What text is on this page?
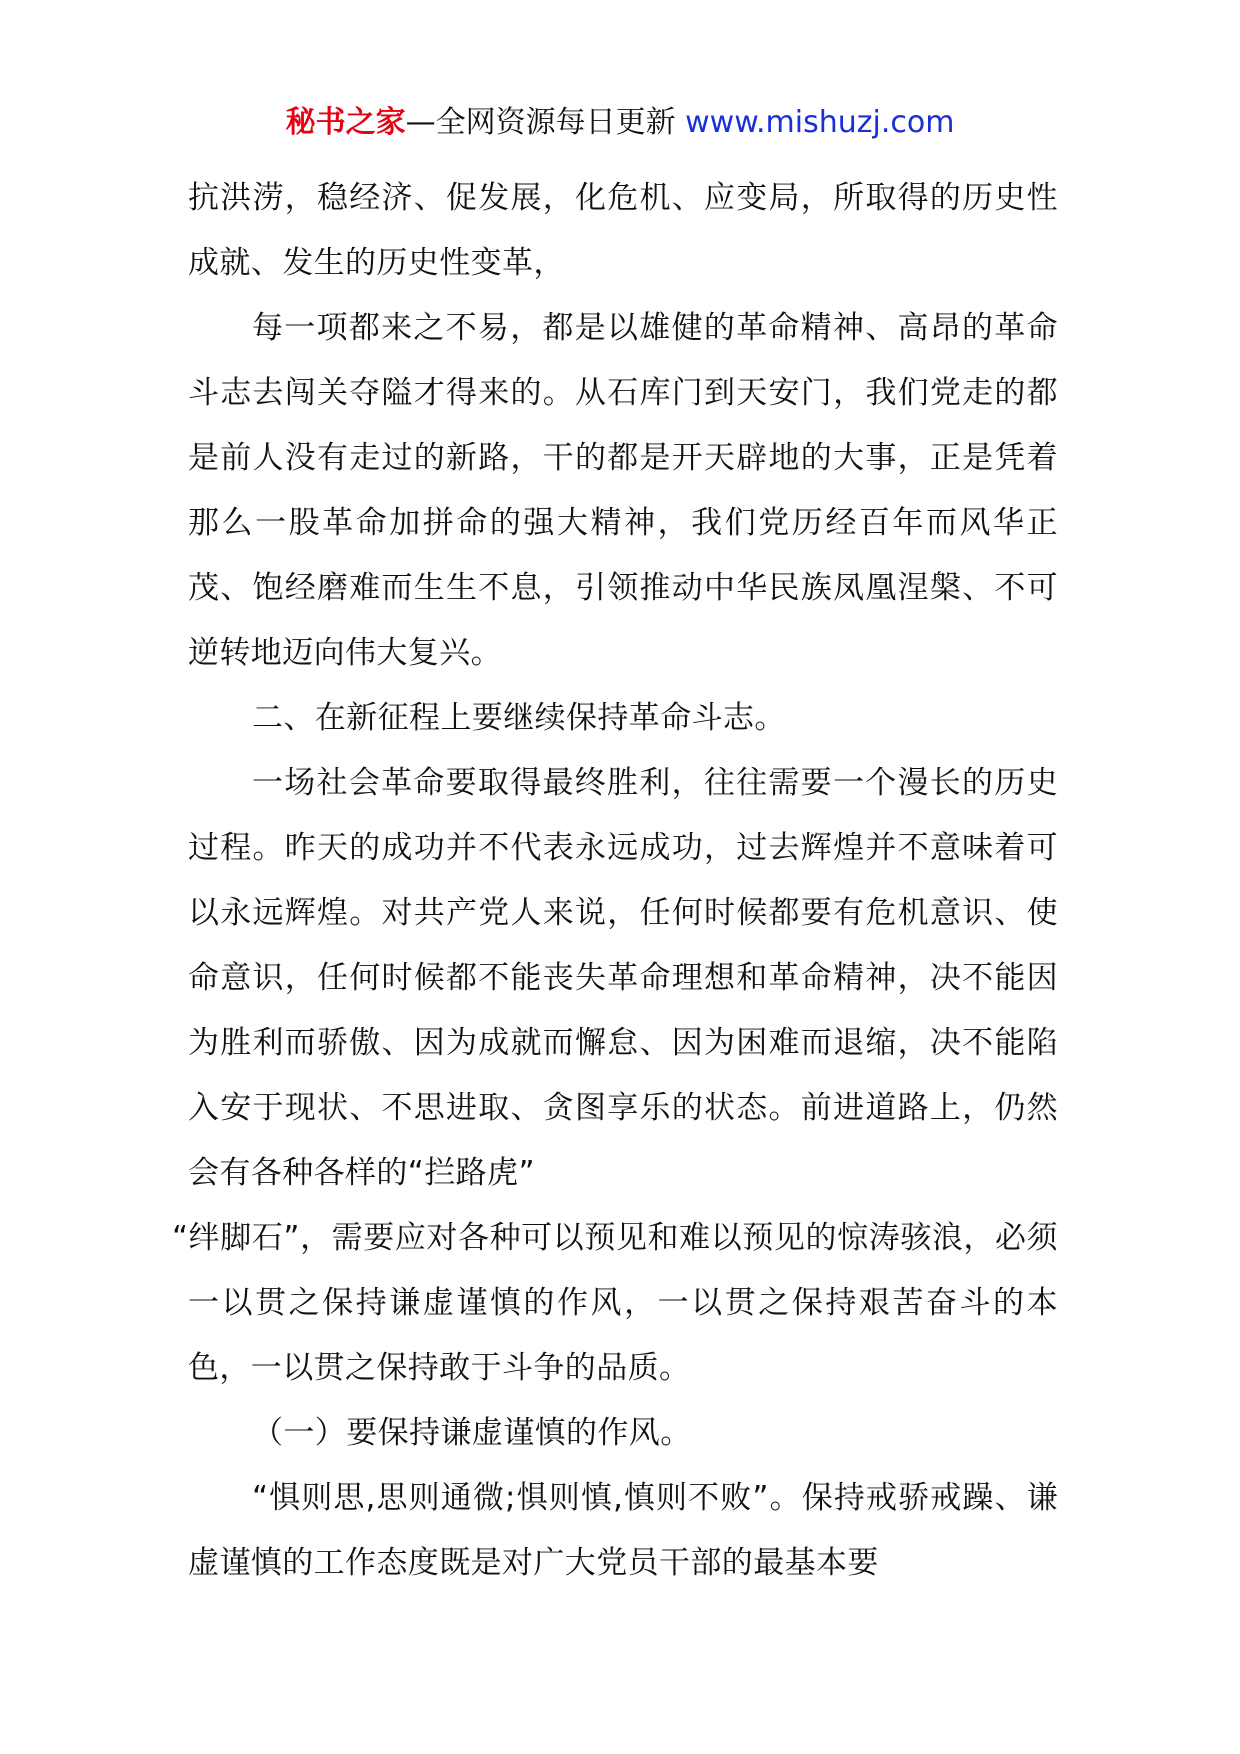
秘书之家—全网资源每日更新 www.mishuzj.com

抗洪涝，稳经济、促发展，化危机、应变局，所取得的历史性成就、发生的历史性变革，

每一项都来之不易，都是以雄健的革命精神、高昂的革命斗志去闯关夺隘才得来的。从石库门到天安门，我们党走的都是前人没有走过的新路，干的都是开天辟地的大事，正是凭着那么一股革命加拼命的强大精神，我们党历经百年而风华正茂、饱经磨难而生生不息，引领推动中华民族凤凰涅槃、不可逆转地迈向伟大复兴。

二、在新征程上要继续保持革命斗志。

一场社会革命要取得最终胜利，往往需要一个漫长的历史过程。昨天的成功并不代表永远成功，过去辉煌并不意味着可以永远辉煌。对共产党人来说，任何时候都要有危机意识、使命意识，任何时候都不能丧失革命理想和革命精神，决不能因为胜利而骄傲、因为成就而懈怠、因为困难而退缩，决不能陷入安于现状、不思进取、贪图享乐的状态。前进道路上，仍然会有各种各样的“拦路虎”

“绊脚石”，需要应对各种可以预见和难以预见的惊涛骇浪，必须一以贯之保持谦虚谨慎的作风，一以贯之保持艰苦奋斗的本色，一以贯之保持敢于斗争的品质。

（一）要保持谦虚谨慎的作风。

“惧则思,思则通微;惧则慎,慎则不败”。保持戒骄戒躁、谦虚谨慎的工作态度既是对广大党员干部的最基本要
